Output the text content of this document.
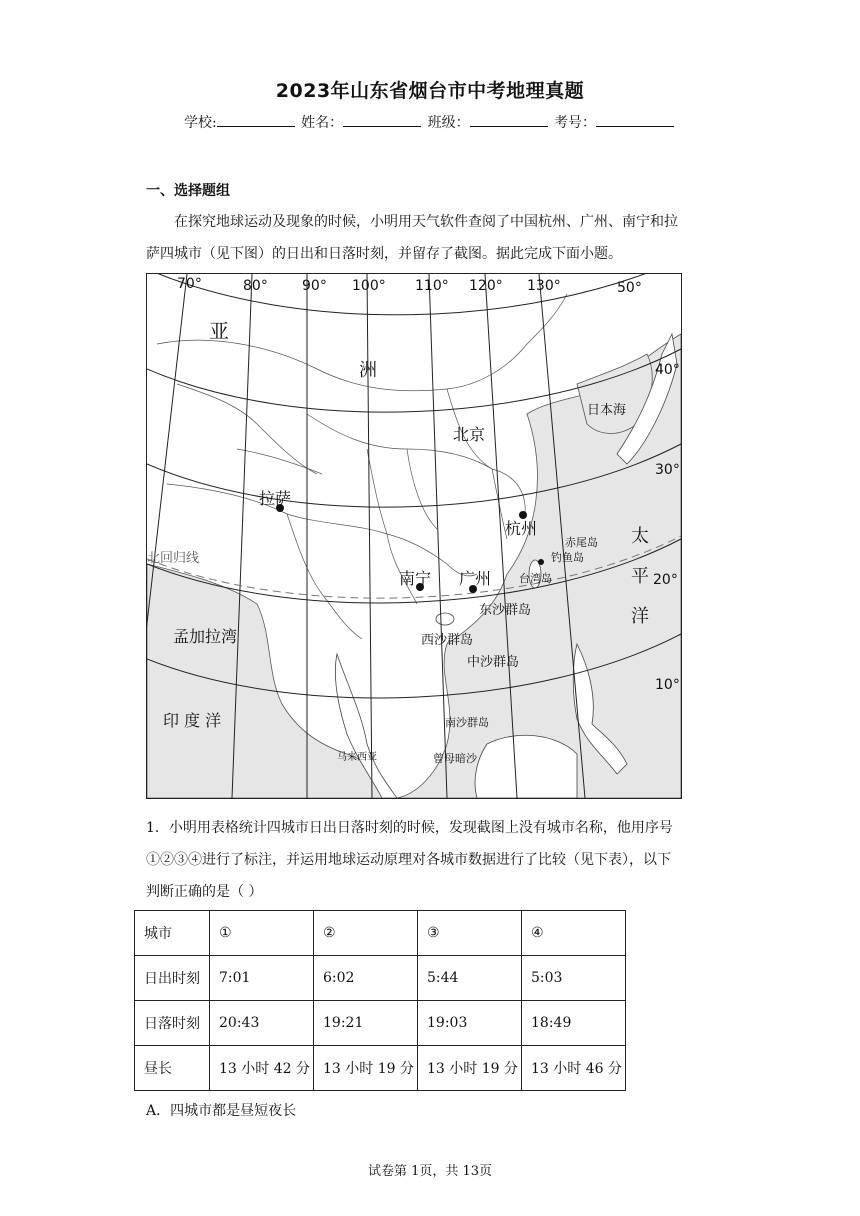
2023年山东省烟台市中考地理真题
学校:	姓名：	班级：	考号：
一、选择题组

在探究地球运动及现象的时候，小明用天气软件查阅了中国杭州、广州、南宁和拉

萨四城市（见下图）的日出和日落时刻，并留存了截图。据此完成下面小题。
70°	80° 90° 100° 110° 120° 130°	50°
40°
30°
20°
10°
亚
洲
日本海
太
平
洋
孟加拉湾
印 度 洋
北回归线
北京
拉萨
杭州
南宁 广州
赤尾岛
钓鱼岛
台湾岛
东沙群岛
西沙群岛
中沙群岛
南沙群岛
马来西亚	曾母暗沙

1．小明用表格统计四城市日出日落时刻的时候，发现截图上没有城市名称，他用序号

①②③④进行了标注，并运用地球运动原理对各城市数据进行了比较（见下表），以下

判断正确的是（ ）

城市	①	②	③	④
日出时刻	7:01	6:02	5:44	5:03
日落时刻	20:43	19:21	19:03	18:49
昼长	13 小时 42 分	13 小时 19 分	13 小时 19 分	13 小时 46 分
A．四城市都是昼短夜长
试卷第 1页，共 13页
